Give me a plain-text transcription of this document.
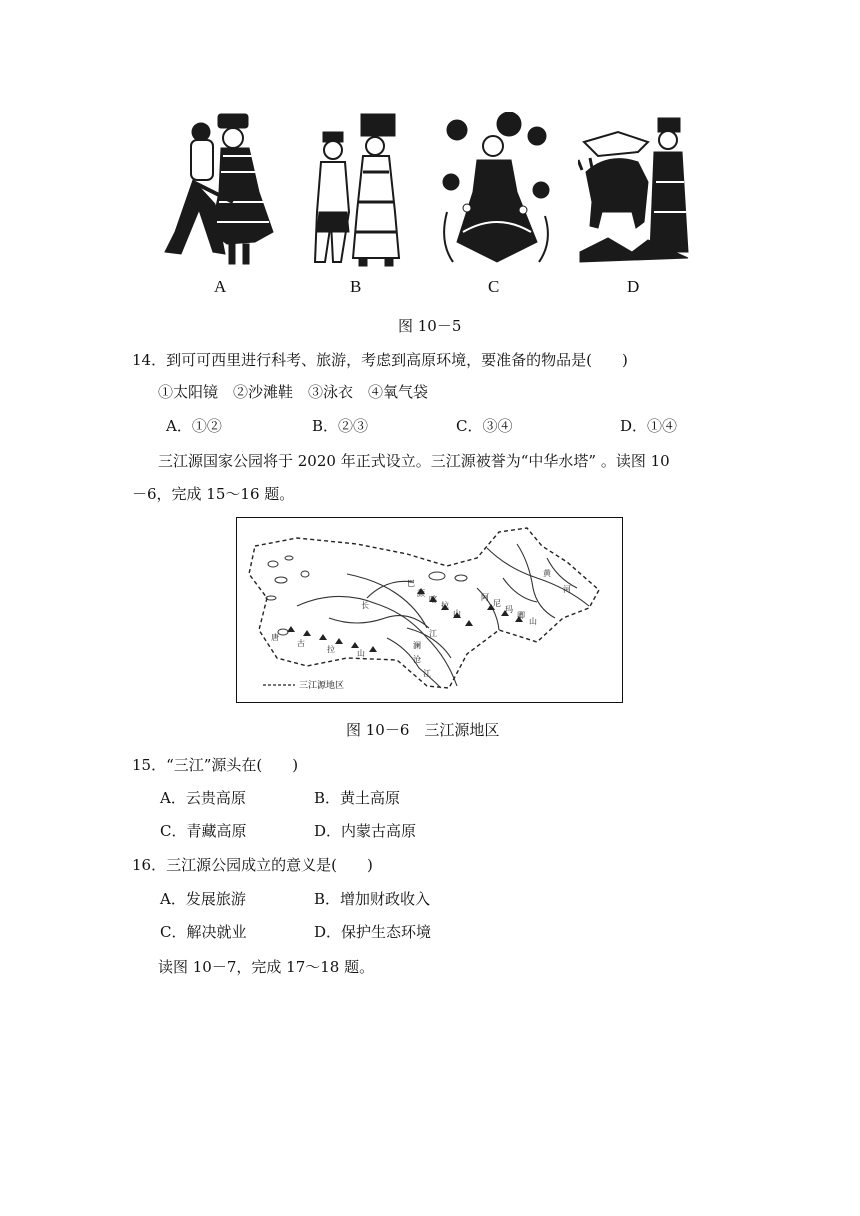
A	B	C	D
图 10－5
14．到可可西里进行科考、旅游，考虑到高原环境，要准备的物品是(　　)
①太阳镜　②沙滩鞋　③泳衣　④氧气袋
A．①②	B．②③	C．③④	D．①④
三江源国家公园将于 2020 年正式设立。三江源被誉为“中华水塔” 。读图 10
－6，完成 15～16 题。
长
江
澜
沧
江
黄
河
巴
颜
喀
拉
山
唐
古
拉	山
阿
尼
玛
卿
山
三江源地区
图 10－6　三江源地区
15．“三江”源头在(　　)
A．云贵高原	B．黄土高原
C．青藏高原	D．内蒙古高原
16．三江源公园成立的意义是(　　)
A．发展旅游	B．增加财政收入
C．解决就业	D．保护生态环境
读图 10－7，完成 17～18 题。
